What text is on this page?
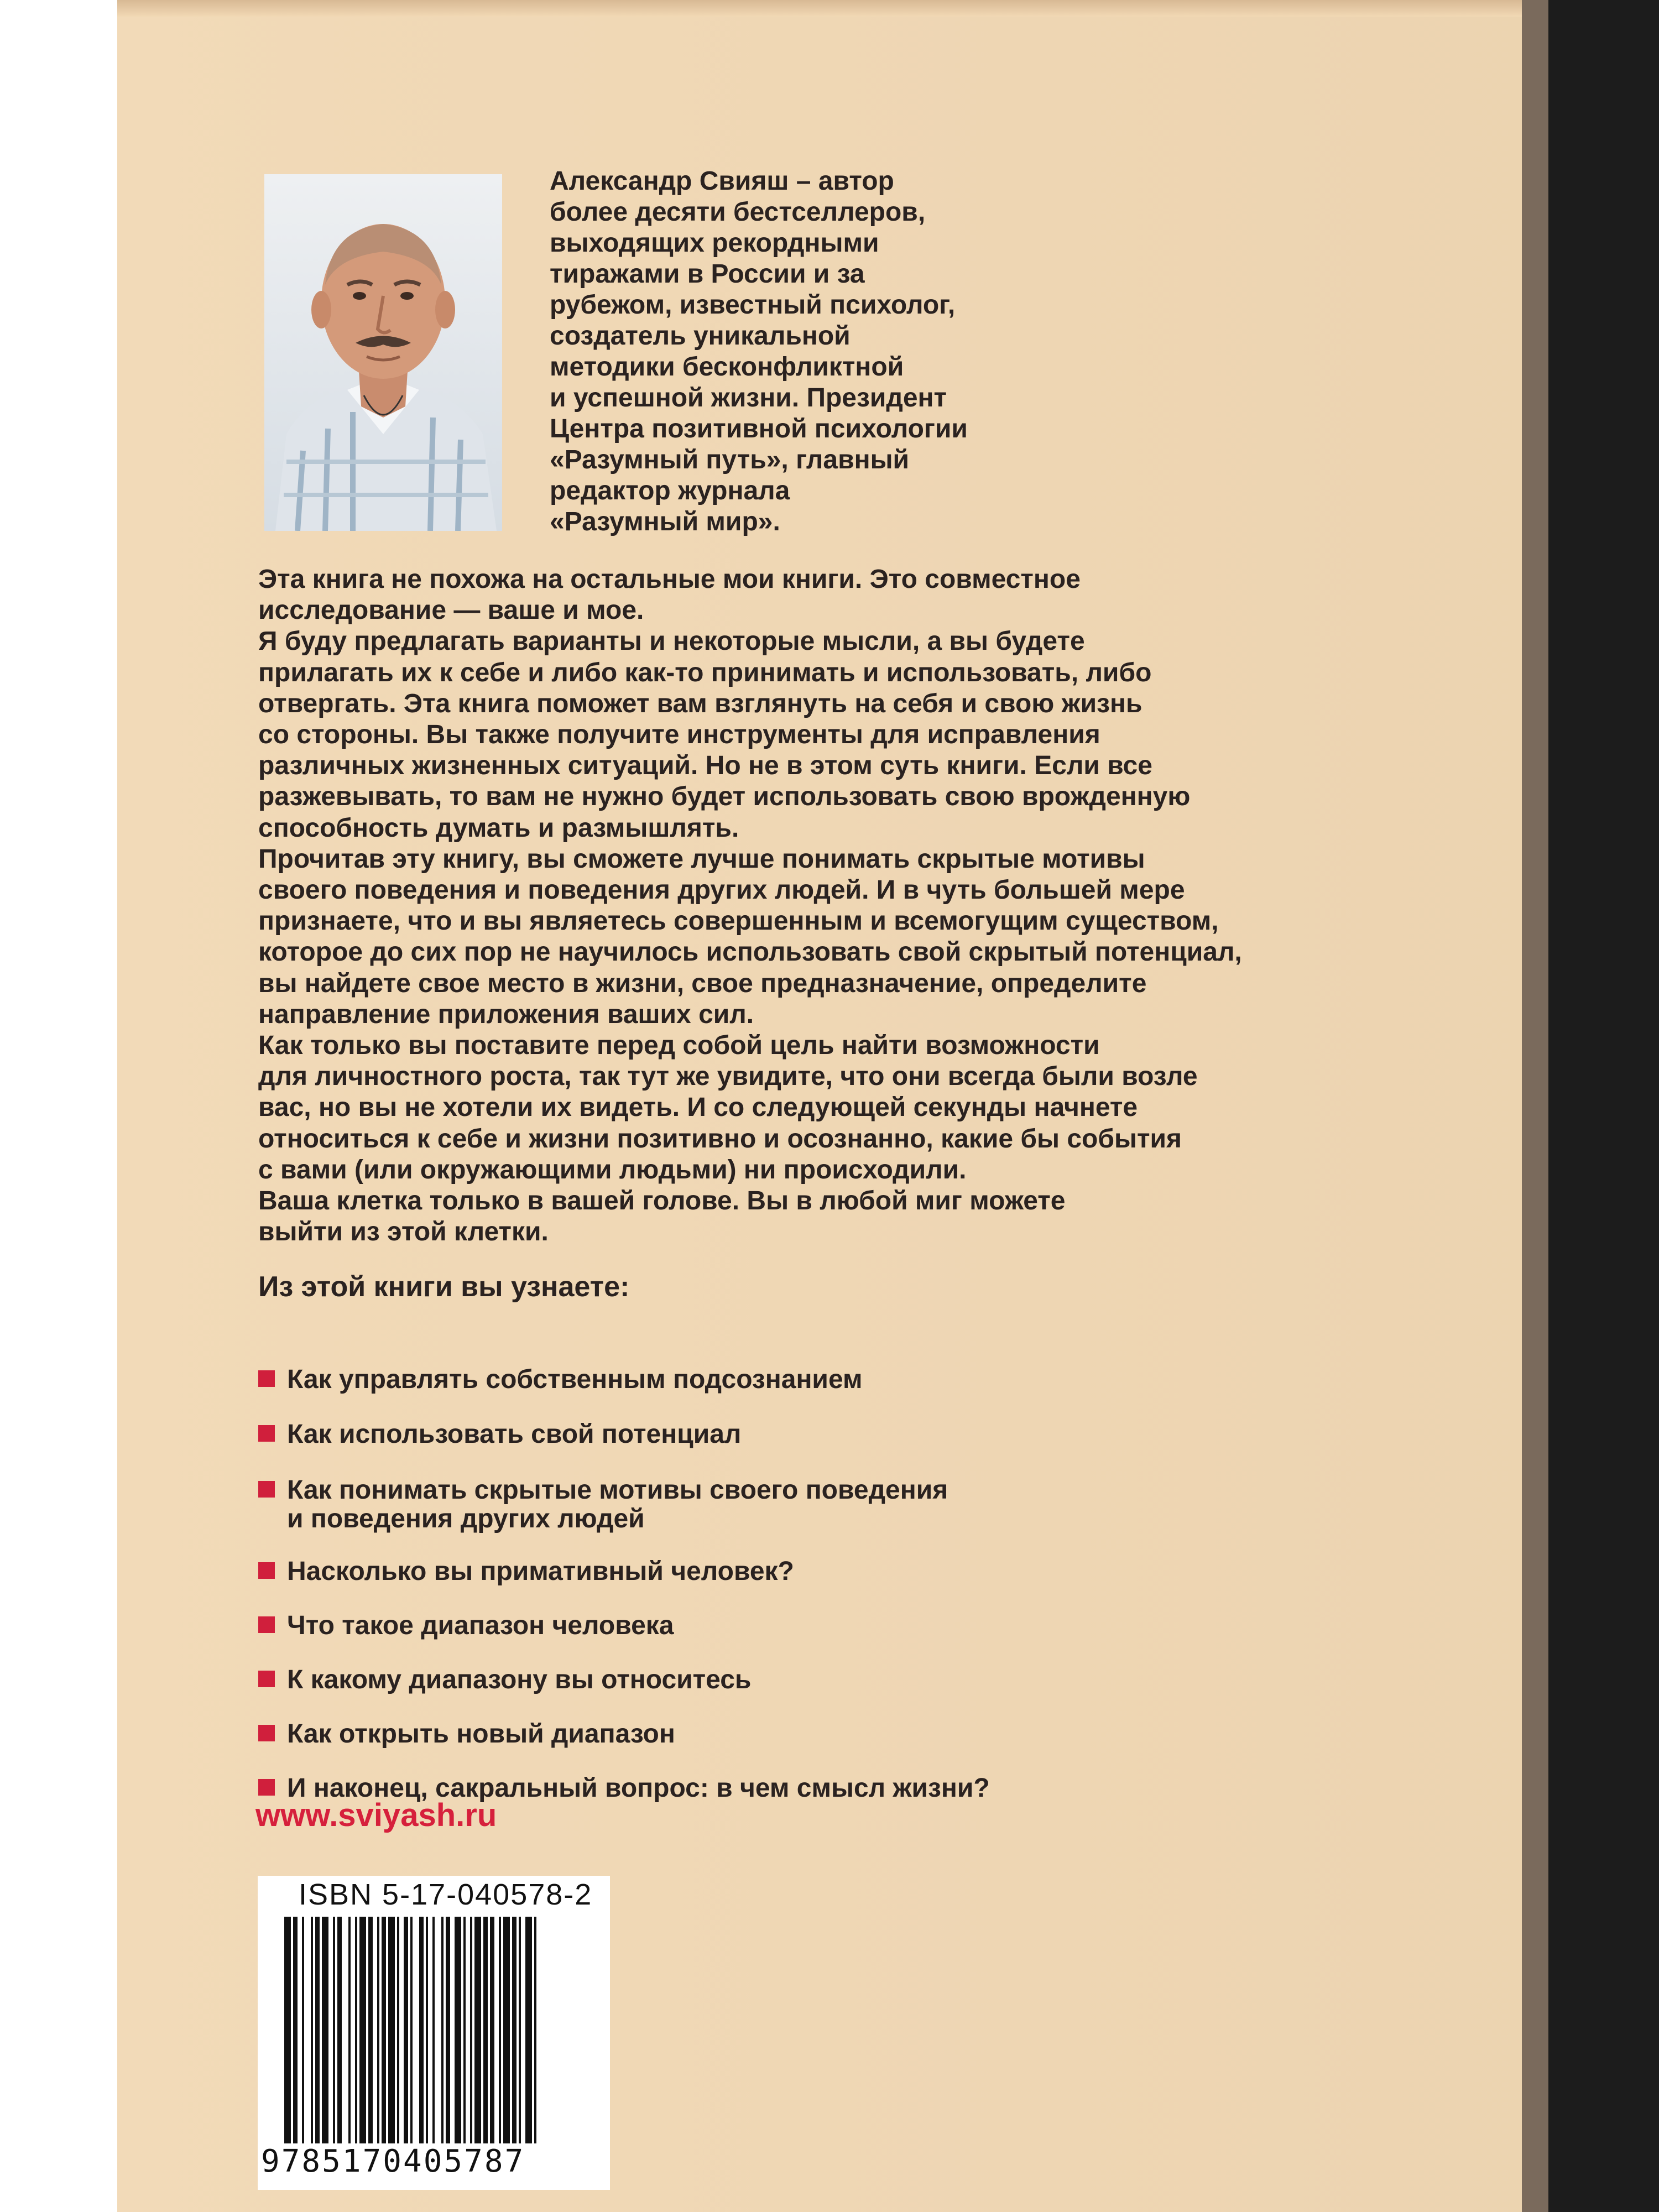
Александр Свияш – автор
более десяти бестселлеров,
выходящих рекордными
тиражами в России и за
рубежом, известный психолог,
создатель уникальной
методики бесконфликтной
и успешной жизни. Президент
Центра позитивной психологии
«Разумный путь», главный
редактор журнала
«Разумный мир».

Эта книга не похожа на остальные мои книги. Это совместное
исследование — ваше и мое.

Я буду предлагать варианты и некоторые мысли, а вы будете
прилагать их к себе и либо как-то принимать и использовать, либо
отвергать. Эта книга поможет вам взглянуть на себя и свою жизнь
со стороны. Вы также получите инструменты для исправления
различных жизненных ситуаций. Но не в этом суть книги. Если все
разжевывать, то вам не нужно будет использовать свою врожденную
способность думать и размышлять.

Прочитав эту книгу, вы сможете лучше понимать скрытые мотивы
своего поведения и поведения других людей. И в чуть большей мере
признаете, что и вы являетесь совершенным и всемогущим существом,
которое до сих пор не научилось использовать свой скрытый потенциал,
вы найдете свое место в жизни, свое предназначение, определите
направление приложения ваших сил.

Как только вы поставите перед собой цель найти возможности
для личностного роста, так тут же увидите, что они всегда были возле
вас, но вы не хотели их видеть. И со следующей секунды начнете
относиться к себе и жизни позитивно и осознанно, какие бы события
с вами (или окружающими людьми) ни происходили.

Ваша клетка только в вашей голове. Вы в любой миг можете
выйти из этой клетки.

Из этой книги вы узнаете:

Как управлять собственным подсознанием

Как использовать свой потенциал

Как понимать скрытые мотивы своего поведения
и поведения других людей

Насколько вы примативный человек?

Что такое диапазон человека

К какому диапазону вы относитесь

Как открыть новый диапазон

И наконец, сакральный вопрос: в чем смысл жизни?

www.sviyash.ru
ISBN 5-17-040578-2
9785170405787
